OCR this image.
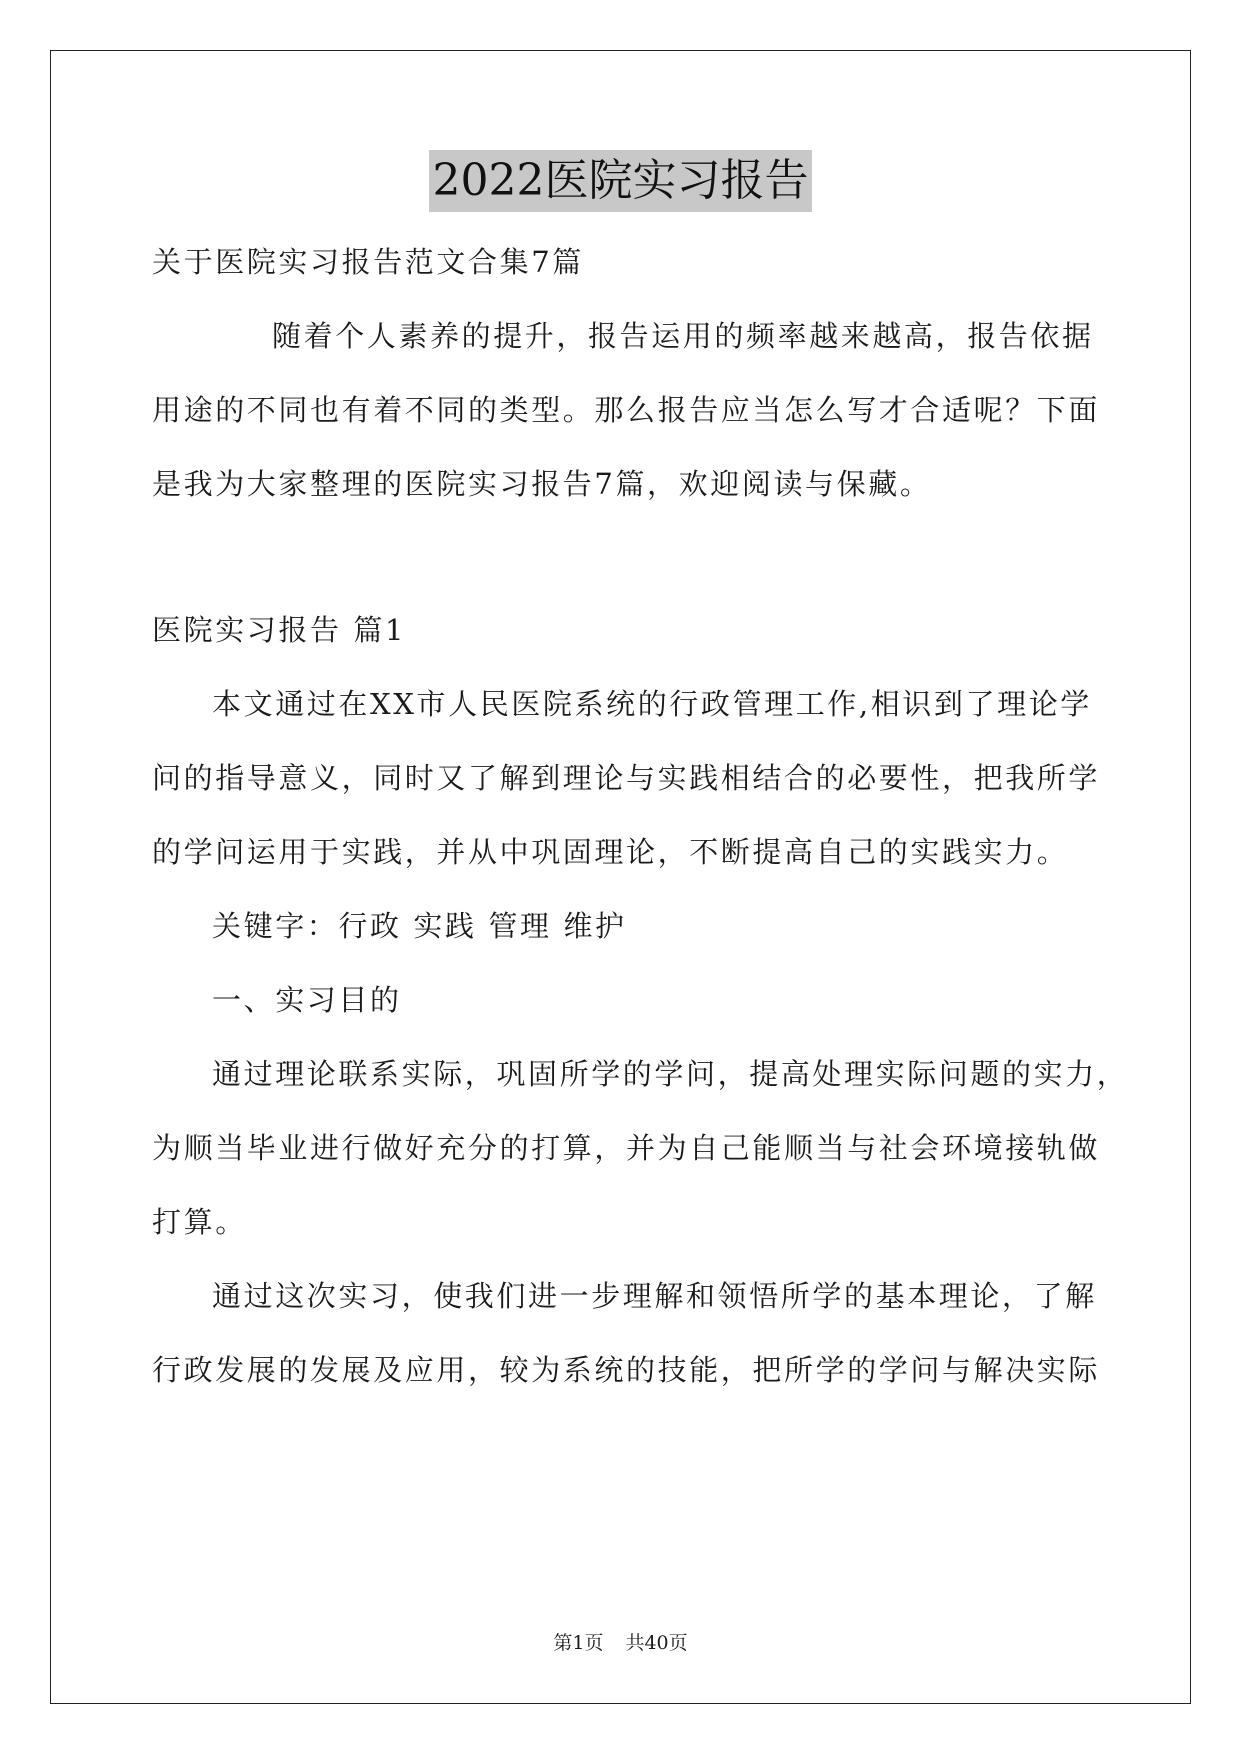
2022医院实习报告
关于医院实习报告范文合集7篇
随着个人素养的提升，报告运用的频率越来越高，报告依据
用途的不同也有着不同的类型。那么报告应当怎么写才合适呢？下面
是我为大家整理的医院实习报告7篇，欢迎阅读与保藏。
医院实习报告 篇1
本文通过在XX市人民医院系统的行政管理工作,相识到了理论学
问的指导意义，同时又了解到理论与实践相结合的必要性，把我所学
的学问运用于实践，并从中巩固理论，不断提高自己的实践实力。
关键字：行政 实践 管理 维护
一、实习目的
通过理论联系实际，巩固所学的学问，提高处理实际问题的实力，
为顺当毕业进行做好充分的打算，并为自己能顺当与社会环境接轨做
打算。
通过这次实习，使我们进一步理解和领悟所学的基本理论，了解
行政发展的发展及应用，较为系统的技能，把所学的学问与解决实际
第1页 共40页
